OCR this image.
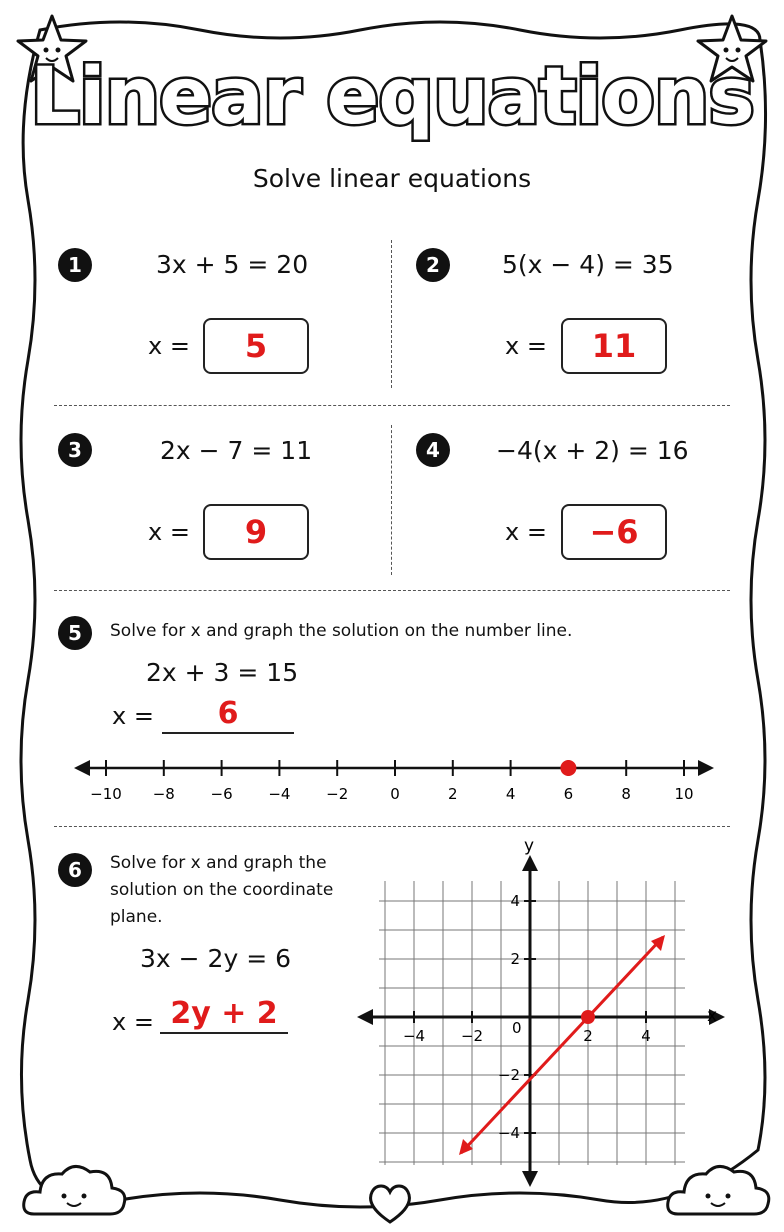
Linear equations
Solve linear equations
1	3x + 5 = 20
x =	5
2	5(x − 4) = 35
x =	11
3	2x − 7 = 11
x =	9
4	−4(x + 2) = 16
x =	−6
5	Solve for x and graph the solution on the number line.
2x + 3 = 15
x =	6
−10 −8 −6 −4 −2	0	2	4	6	8	10
6	Solve for x and graph the
solution on the coordinate
plane.
3x − 2y = 6
x = 2y + 2	x
y
−4 −2	2	4
4
2
−2
−4
0
